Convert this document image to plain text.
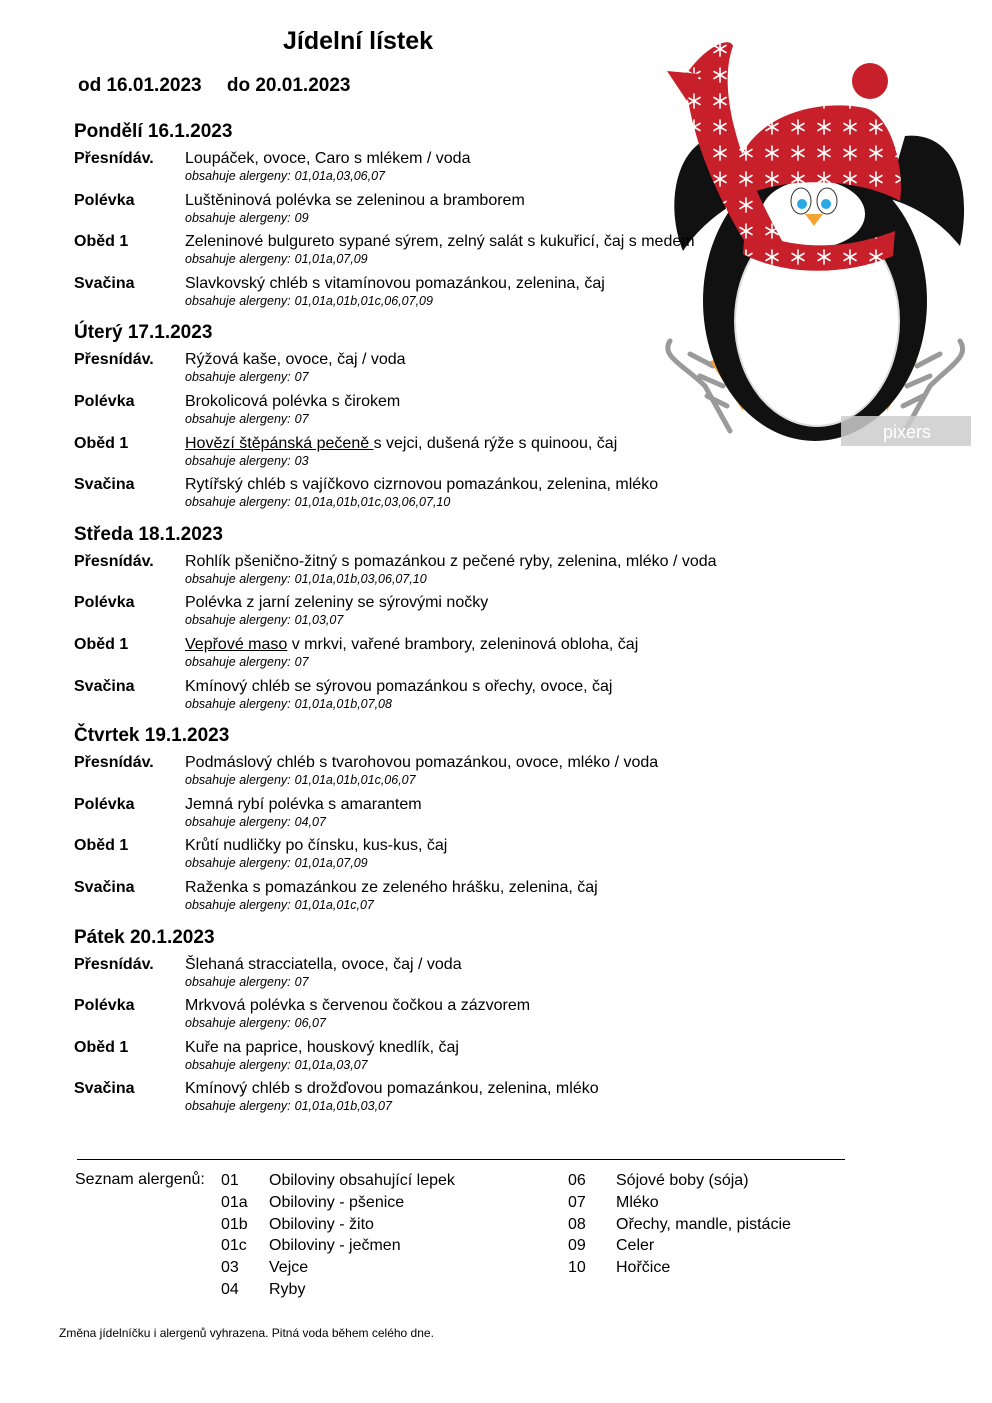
Jídelní lístek
od 16.01.2023 do 20.01.2023
pixers
Pondělí 16.1.2023
Přesnídáv.	Loupáček, ovoce, Caro s mlékem / voda
obsahuje alergeny: 01,01a,03,06,07
Polévka	Luštěninová polévka se zeleninou a bramborem
obsahuje alergeny: 09
Oběd 1	Zeleninové bulgureto sypané sýrem, zelný salát s kukuřicí, čaj s medem
obsahuje alergeny: 01,01a,07,09
Svačina	Slavkovský chléb s vitamínovou pomazánkou, zelenina, čaj
obsahuje alergeny: 01,01a,01b,01c,06,07,09
Úterý 17.1.2023
Přesnídáv.	Rýžová kaše, ovoce, čaj / voda
obsahuje alergeny: 07
Polévka	Brokolicová polévka s čirokem
obsahuje alergeny: 07
Oběd 1	Hovězí štěpánská pečeně s vejci, dušená rýže s quinoou, čaj
obsahuje alergeny: 03
Svačina	Rytířský chléb s vajíčkovo cizrnovou pomazánkou, zelenina, mléko
obsahuje alergeny: 01,01a,01b,01c,03,06,07,10
Středa 18.1.2023
Přesnídáv.	Rohlík pšenično-žitný s pomazánkou z pečené ryby, zelenina, mléko / voda
obsahuje alergeny: 01,01a,01b,03,06,07,10
Polévka	Polévka z jarní zeleniny se sýrovými nočky
obsahuje alergeny: 01,03,07
Oběd 1	Vepřové maso v mrkvi, vařené brambory, zeleninová obloha, čaj
obsahuje alergeny: 07
Svačina	Kmínový chléb se sýrovou pomazánkou s ořechy, ovoce, čaj
obsahuje alergeny: 01,01a,01b,07,08
Čtvrtek 19.1.2023
Přesnídáv.	Podmáslový chléb s tvarohovou pomazánkou, ovoce, mléko / voda
obsahuje alergeny: 01,01a,01b,01c,06,07
Polévka	Jemná rybí polévka s amarantem
obsahuje alergeny: 04,07
Oběd 1	Krůtí nudličky po čínsku, kus-kus, čaj
obsahuje alergeny: 01,01a,07,09
Svačina	Raženka s pomazánkou ze zeleného hrášku, zelenina, čaj
obsahuje alergeny: 01,01a,01c,07
Pátek 20.1.2023
Přesnídáv.	Šlehaná stracciatella, ovoce, čaj / voda
obsahuje alergeny: 07
Polévka	Mrkvová polévka s červenou čočkou a zázvorem
obsahuje alergeny: 06,07
Oběd 1	Kuře na paprice, houskový knedlík, čaj
obsahuje alergeny: 01,01a,03,07
Svačina	Kmínový chléb s drožďovou pomazánkou, zelenina, mléko
obsahuje alergeny: 01,01a,01b,03,07
Seznam alergenů: 01 Obiloviny obsahující lepek
01a Obiloviny - pšenice
01b Obiloviny - žito
01c Obiloviny - ječmen
03 Vejce
04 Ryby
06 Sójové boby (sója)
07 Mléko
08 Ořechy, mandle, pistácie
09 Celer
10 Hořčice
Změna jídelníčku i alergenů vyhrazena. Pitná voda během celého dne.
